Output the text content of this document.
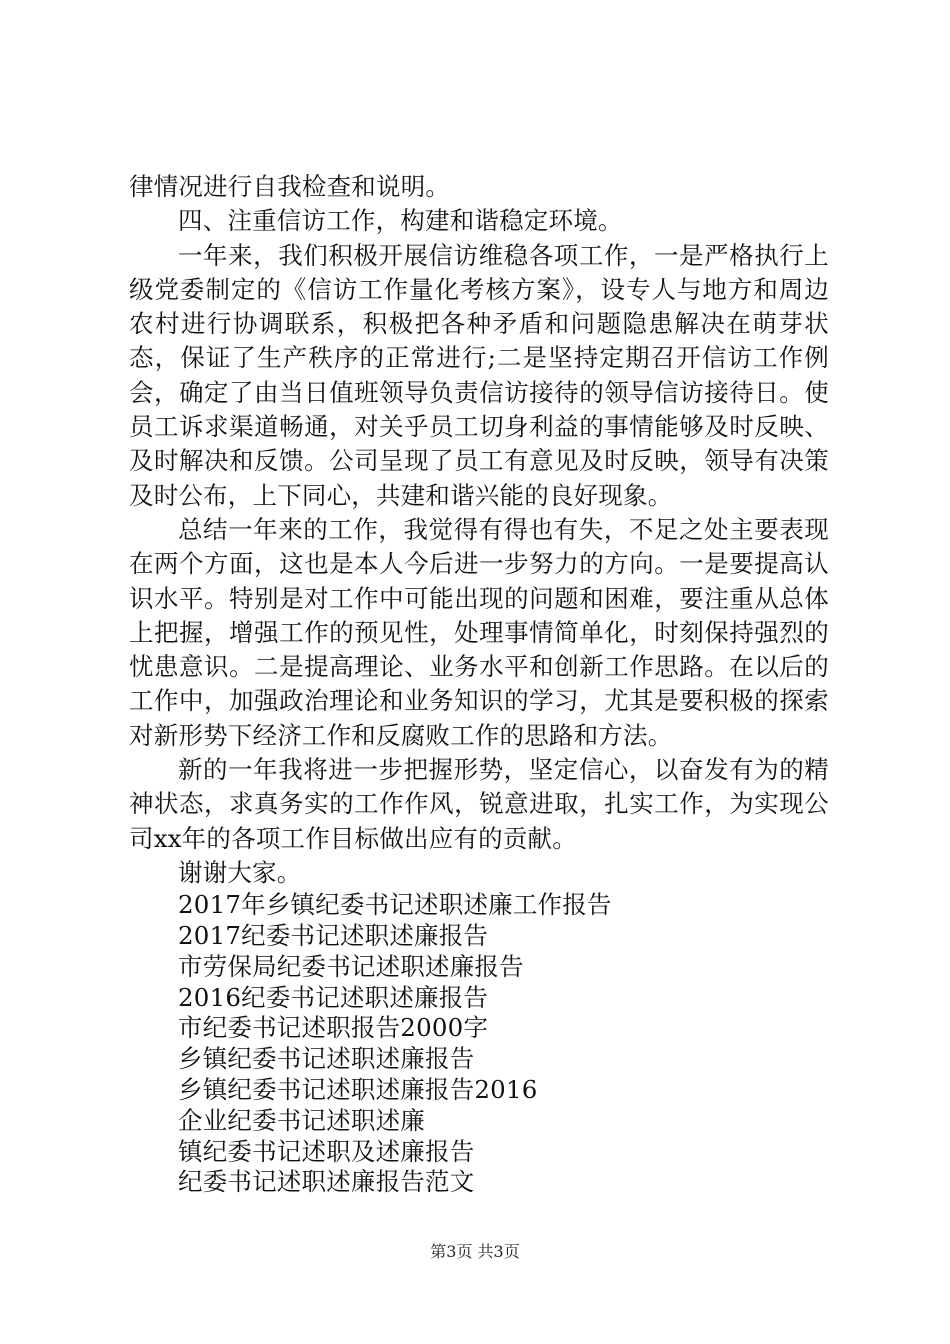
律情况进行自我检查和说明。

四、注重信访工作，构建和谐稳定环境。

一年来，我们积极开展信访维稳各项工作，一是严格执行上级党委制定的《信访工作量化考核方案》，设专人与地方和周边农村进行协调联系，积极把各种矛盾和问题隐患解决在萌芽状态，保证了生产秩序的正常进行;二是坚持定期召开信访工作例会，确定了由当日值班领导负责信访接待的领导信访接待日。使员工诉求渠道畅通，对关乎员工切身利益的事情能够及时反映、及时解决和反馈。公司呈现了员工有意见及时反映，领导有决策及时公布，上下同心，共建和谐兴能的良好现象。

总结一年来的工作，我觉得有得也有失，不足之处主要表现在两个方面，这也是本人今后进一步努力的方向。一是要提高认识水平。特别是对工作中可能出现的问题和困难，要注重从总体上把握，增强工作的预见性，处理事情简单化，时刻保持强烈的忧患意识。二是提高理论、业务水平和创新工作思路。在以后的工作中，加强政治理论和业务知识的学习，尤其是要积极的探索对新形势下经济工作和反腐败工作的思路和方法。

新的一年我将进一步把握形势，坚定信心，以奋发有为的精神状态，求真务实的工作作风，锐意进取，扎实工作，为实现公司xx年的各项工作目标做出应有的贡献。

谢谢大家。

2017年乡镇纪委书记述职述廉工作报告
2017纪委书记述职述廉报告
市劳保局纪委书记述职述廉报告
2016纪委书记述职述廉报告
市纪委书记述职报告2000字
乡镇纪委书记述职述廉报告
乡镇纪委书记述职述廉报告2016
企业纪委书记述职述廉
镇纪委书记述职及述廉报告
纪委书记述职述廉报告范文
第3页 共3页
